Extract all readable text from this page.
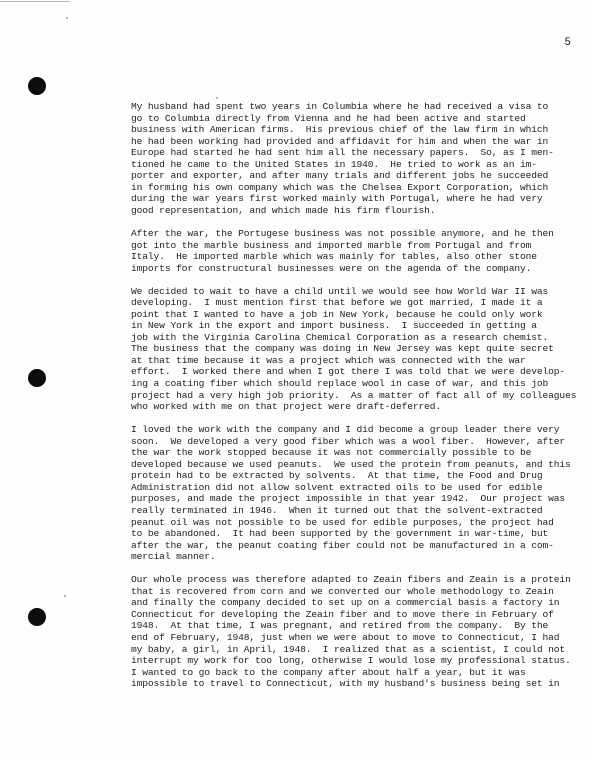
5

My husband had spent two years in Columbia where he had received a visa to
go to Columbia directly from Vienna and he had been active and started
business with American firms.  His previous chief of the law firm in which
he had been working had provided and affidavit for him and when the war in
Europe had started he had sent him all the necessary papers.  So, as I men-
tioned he came to the United States in 1940.  He tried to work as an im-
porter and exporter, and after many trials and different jobs he succeeded
in forming his own company which was the Chelsea Export Corporation, which
during the war years first worked mainly with Portugal, where he had very
good representation, and which made his firm flourish.

After the war, the Portugese business was not possible anymore, and he then
got into the marble business and imported marble from Portugal and from
Italy.  He imported marble which was mainly for tables, also other stone
imports for constructural businesses were on the agenda of the company.

We decided to wait to have a child until we would see how World War II was
developing.  I must mention first that before we got married, I made it a
point that I wanted to have a job in New York, because he could only work
in New York in the export and import business.  I succeeded in getting a
job with the Virginia Carolina Chemical Corporation as a research chemist.
The business that the company was doing in New Jersey was kept quite secret
at that time because it was a project which was connected with the war
effort.  I worked there and when I got there I was told that we were develop-
ing a coating fiber which should replace wool in case of war, and this job
project had a very high job priority.  As a matter of fact all of my colleagues
who worked with me on that project were draft-deferred.

I loved the work with the company and I did become a group leader there very
soon.  We developed a very good fiber which was a wool fiber.  However, after
the war the work stopped because it was not commercially possible to be
developed because we used peanuts.  We used the protein from peanuts, and this
protein had to be extracted by solvents.  At that time, the Food and Drug
Administration did not allow solvent extracted oils to be used for edible
purposes, and made the project impossible in that year 1942.  Our project was
really terminated in 1946.  When it turned out that the solvent-extracted
peanut oil was not possible to be used for edible purposes, the project had
to be abandoned.  It had been supported by the government in war-time, but
after the war, the peanut coating fiber could not be manufactured in a com-
mercial manner.

Our whole process was therefore adapted to Zeain fibers and Zeain is a protein
that is recovered from corn and we converted our whole methodology to Zeain
and finally the company decided to set up on a commercial basis a factory in
Connecticut for developing the Zeain fiber and to move there in February of
1948.  At that time, I was pregnant, and retired from the company.  By the
end of February, 1948, just when we were about to move to Connecticut, I had
my baby, a girl, in April, 1948.  I realized that as a scientist, I could not
interrupt my work for too long, otherwise I would lose my professional status.
I wanted to go back to the company after about half a year, but it was
impossible to travel to Connecticut, with my husband's business being set in
